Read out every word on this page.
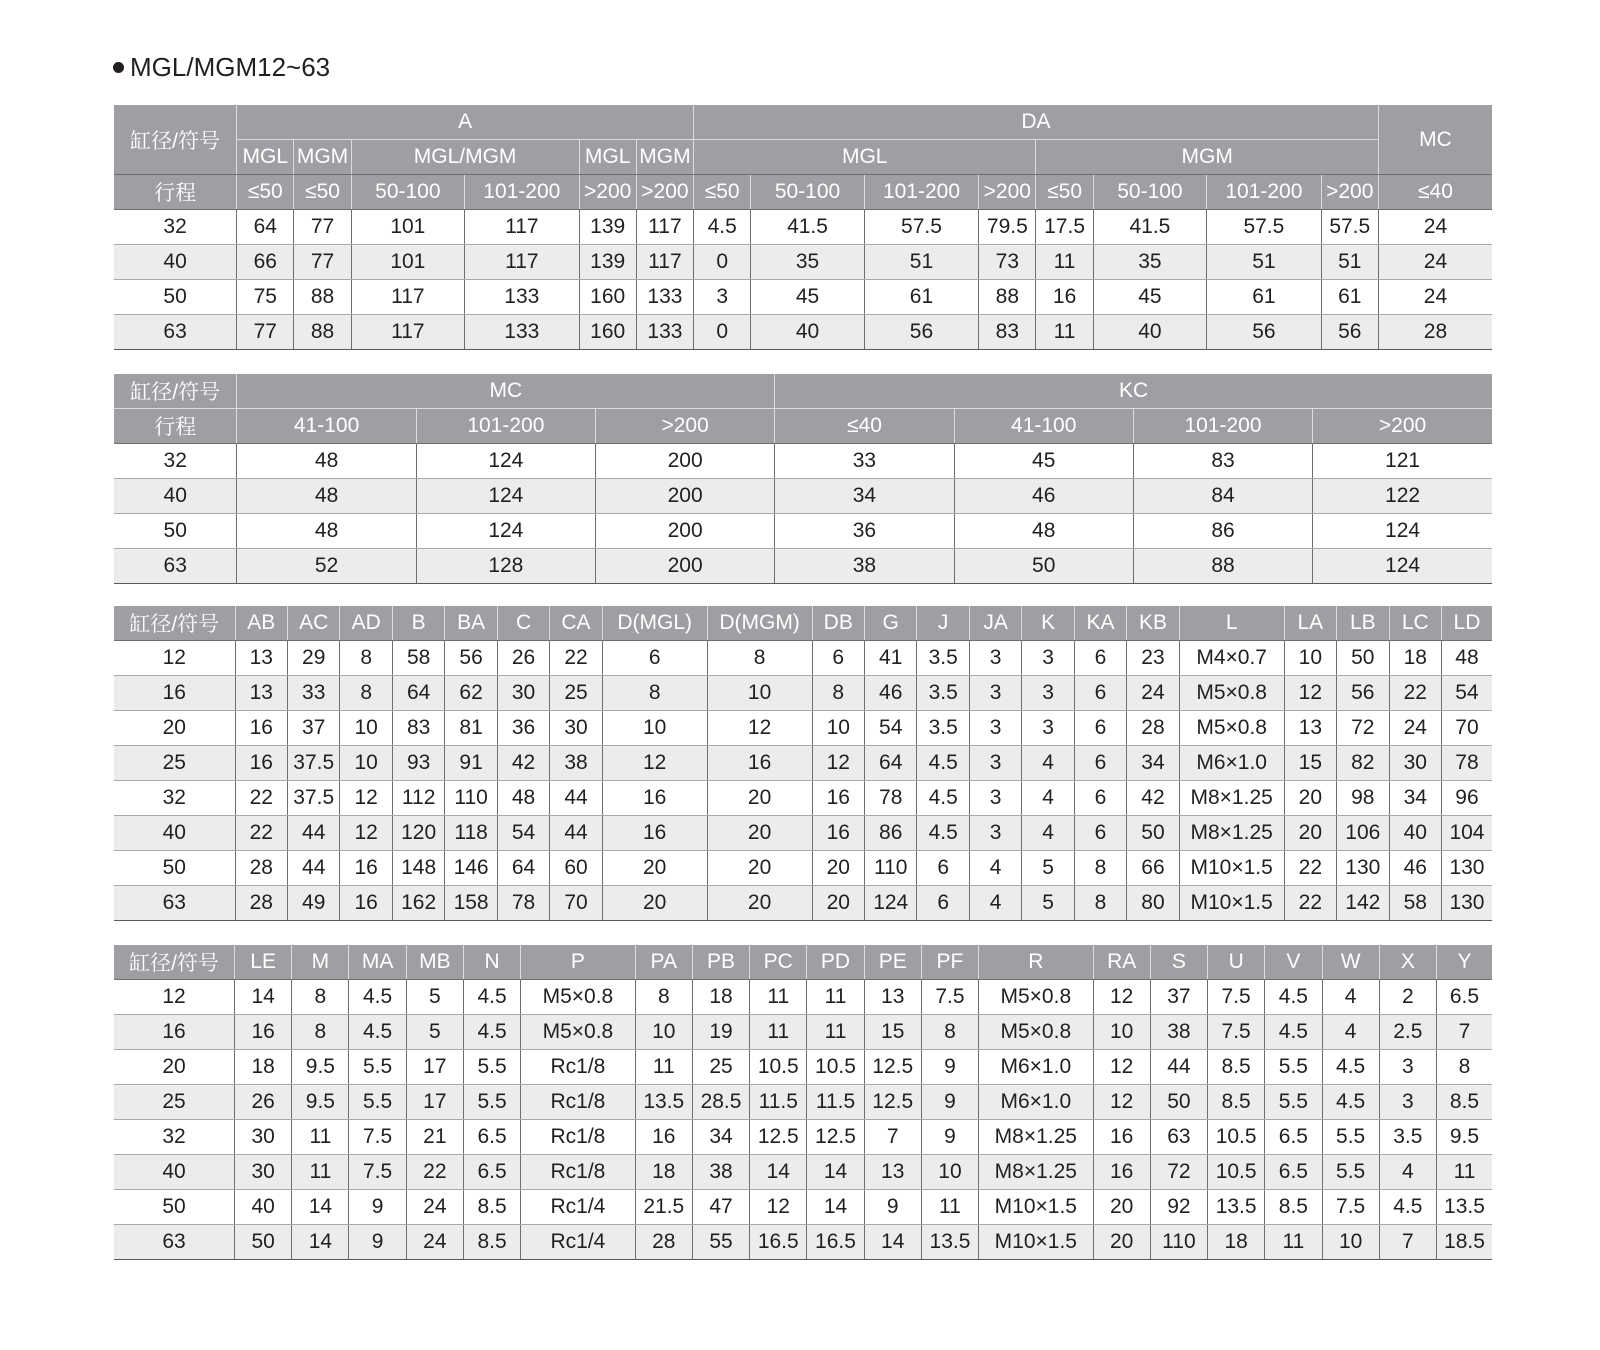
MGL/MGM12~63
缸径/符号	A						DA								MC
	MGL	MGM	MGL/MGM		MGL	MGM	MGL				MGM				
行程	≤50	≤50	50-100	101-200	>200	>200	≤50	50-100	101-200	>200	≤50	50-100	101-200	>200	≤40
32	64	77	101	117	139	117	4.5	41.5	57.5	79.5	17.5	41.5	57.5	57.5	24
40	66	77	101	117	139	117	0	35	51	73	11	35	51	51	24
50	75	88	117	133	160	133	3	45	61	88	16	45	61	61	24
63	77	88	117	133	160	133	0	40	56	83	11	40	56	56	28
缸径/符号	MC			KC			
行程	41-100	101-200	>200	≤40	41-100	101-200	>200
32	48	124	200	33	45	83	121
40	48	124	200	34	46	84	122
50	48	124	200	36	48	86	124
63	52	128	200	38	50	88	124
缸径/符号	AB	AC	AD	B	BA	C	CA	D(MGL)	D(MGM)	DB	G	J	JA	K	KA	KB	L	LA	LB	LC	LD
12	13	29	8	58	56	26	22	6	8	6	41	3.5	3	3	6	23	M4×0.7	10	50	18	48
16	13	33	8	64	62	30	25	8	10	8	46	3.5	3	3	6	24	M5×0.8	12	56	22	54
20	16	37	10	83	81	36	30	10	12	10	54	3.5	3	3	6	28	M5×0.8	13	72	24	70
25	16	37.5	10	93	91	42	38	12	16	12	64	4.5	3	4	6	34	M6×1.0	15	82	30	78
32	22	37.5	12	112	110	48	44	16	20	16	78	4.5	3	4	6	42	M8×1.25	20	98	34	96
40	22	44	12	120	118	54	44	16	20	16	86	4.5	3	4	6	50	M8×1.25	20	106	40	104
50	28	44	16	148	146	64	60	20	20	20	110	6	4	5	8	66	M10×1.5	22	130	46	130
63	28	49	16	162	158	78	70	20	20	20	124	6	4	5	8	80	M10×1.5	22	142	58	130
缸径/符号	LE	M	MA	MB	N	P	PA	PB	PC	PD	PE	PF	R	RA	S	U	V	W	X	Y
12	14	8	4.5	5	4.5	M5×0.8	8	18	11	11	13	7.5	M5×0.8	12	37	7.5	4.5	4	2	6.5
16	16	8	4.5	5	4.5	M5×0.8	10	19	11	11	15	8	M5×0.8	10	38	7.5	4.5	4	2.5	7
20	18	9.5	5.5	17	5.5	Rc1/8	11	25	10.5	10.5	12.5	9	M6×1.0	12	44	8.5	5.5	4.5	3	8
25	26	9.5	5.5	17	5.5	Rc1/8	13.5	28.5	11.5	11.5	12.5	9	M6×1.0	12	50	8.5	5.5	4.5	3	8.5
32	30	11	7.5	21	6.5	Rc1/8	16	34	12.5	12.5	7	9	M8×1.25	16	63	10.5	6.5	5.5	3.5	9.5
40	30	11	7.5	22	6.5	Rc1/8	18	38	14	14	13	10	M8×1.25	16	72	10.5	6.5	5.5	4	11
50	40	14	9	24	8.5	Rc1/4	21.5	47	12	14	9	11	M10×1.5	20	92	13.5	8.5	7.5	4.5	13.5
63	50	14	9	24	8.5	Rc1/4	28	55	16.5	16.5	14	13.5	M10×1.5	20	110	18	11	10	7	18.5
